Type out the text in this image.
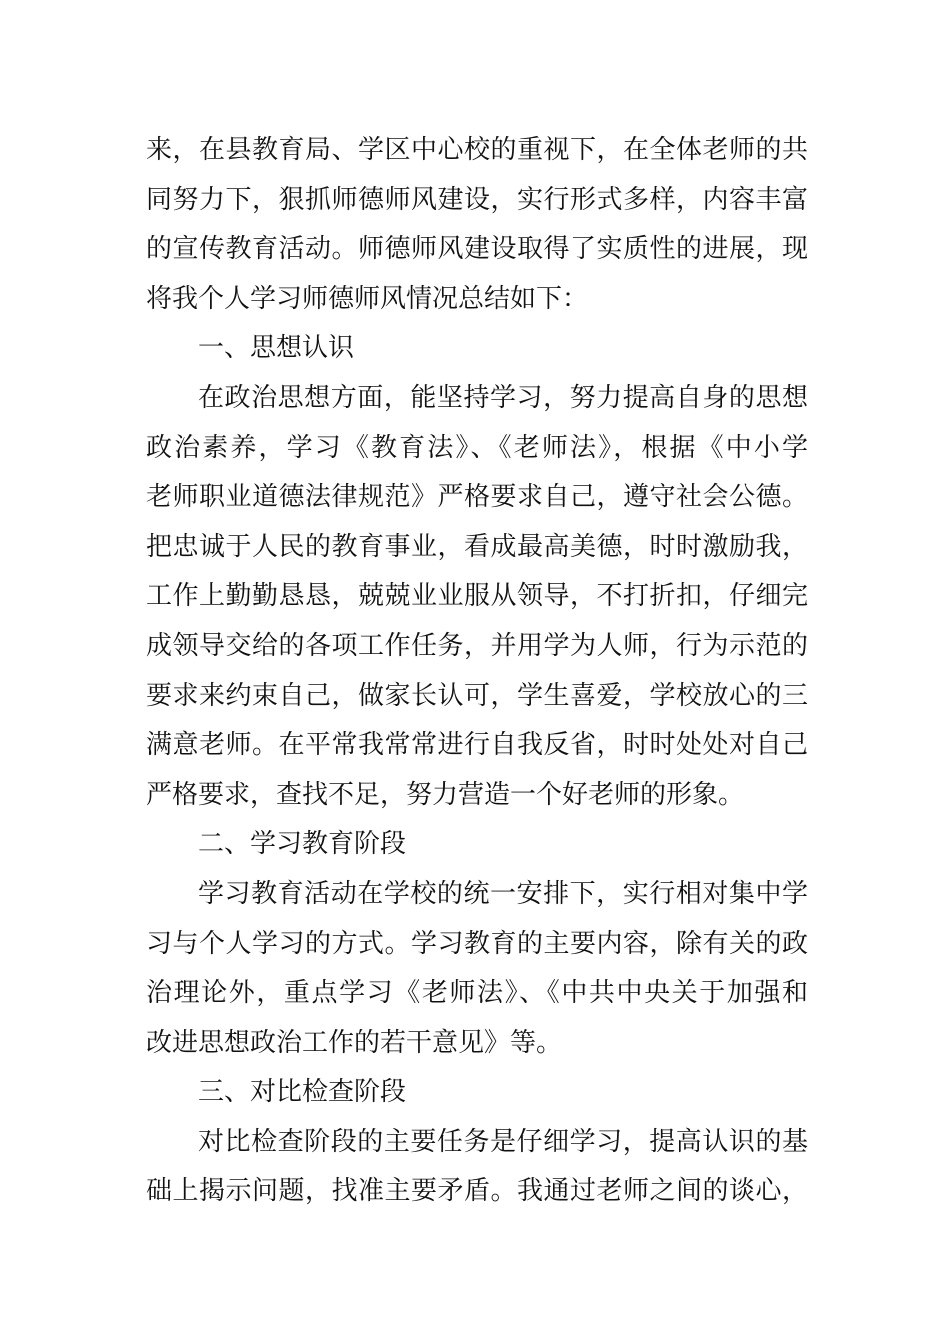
来，在县教育局、学区中心校的重视下，在全体老师的共
同努力下，狠抓师德师风建设，实行形式多样，内容丰富
的宣传教育活动。师德师风建设取得了实质性的进展，现
将我个人学习师德师风情况总结如下：
一、思想认识
在政治思想方面，能坚持学习，努力提高自身的思想
政治素养，学习《教育法》、《老师法》，根据《中小学
老师职业道德法律规范》严格要求自己，遵守社会公德。
把忠诚于人民的教育事业，看成最高美德，时时激励我，
工作上勤勤恳恳，兢兢业业服从领导，不打折扣，仔细完
成领导交给的各项工作任务，并用学为人师，行为示范的
要求来约束自己，做家长认可，学生喜爱，学校放心的三
满意老师。在平常我常常进行自我反省，时时处处对自己
严格要求，查找不足，努力营造一个好老师的形象。
二、学习教育阶段
学习教育活动在学校的统一安排下，实行相对集中学
习与个人学习的方式。学习教育的主要内容，除有关的政
治理论外，重点学习《老师法》、《中共中央关于加强和
改进思想政治工作的若干意见》等。
三、对比检查阶段
对比检查阶段的主要任务是仔细学习，提高认识的基
础上揭示问题，找准主要矛盾。我通过老师之间的谈心，
